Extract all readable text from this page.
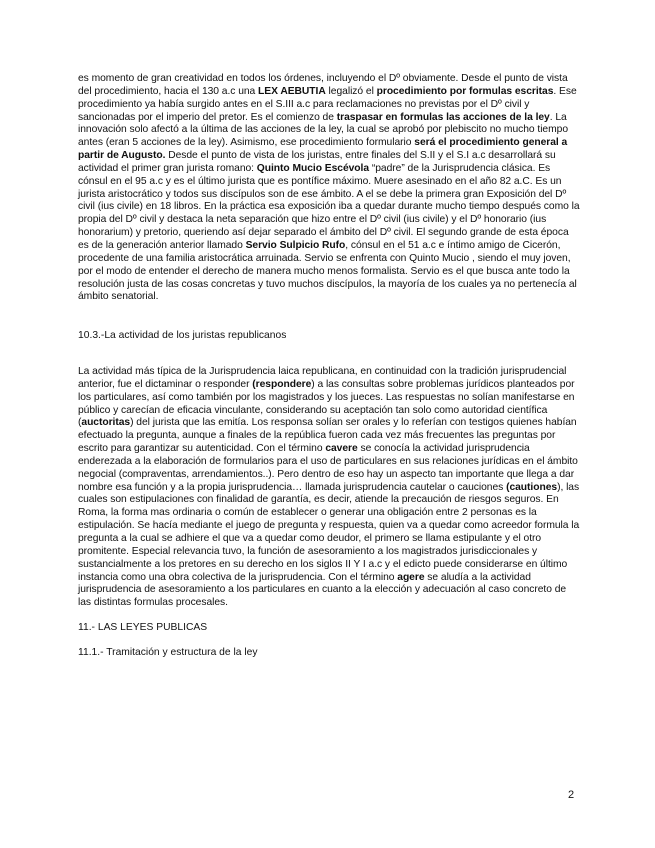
es momento de gran creatividad en todos los órdenes, incluyendo el Dº obviamente. Desde el punto de vista del procedimiento, hacia el 130 a.c una LEX AEBUTIA legalizó el procedimiento por formulas escritas. Ese procedimiento ya había surgido antes en el S.III a.c para reclamaciones no previstas por el Dº civil y sancionadas por el imperio del pretor. Es el comienzo de traspasar en formulas las acciones de la ley. La innovación solo afectó a la última de las acciones de la ley, la cual se aprobó por plebiscito no mucho tiempo antes (eran 5 acciones de la ley). Asimismo, ese procedimiento formulario será el procedimiento general a partir de Augusto. Desde el punto de vista de los juristas, entre finales del S.II y el S.I a.c desarrollará su actividad el primer gran jurista romano: Quinto Mucio Escévola “padre” de la Jurisprudencia clásica. Es cónsul en el 95 a.c y es el último jurista que es pontífice máximo. Muere asesinado en el año 82 a.C. Es un jurista aristocrático y todos sus discípulos son de ese ámbito. A el se debe la primera gran Exposición del Dº civil (ius civile) en 18 libros. En la práctica esa exposición iba a quedar durante mucho tiempo después como la propia del Dº civil y destaca la neta separación que hizo entre el Dº civil (ius civile) y el Dº honorario (ius honorarium) y pretorio, queriendo así dejar separado el ámbito del Dº civil. El segundo grande de esta época es de la generación anterior llamado Servio Sulpicio Rufo, cónsul en el 51 a.c e íntimo amigo de Cicerón, procedente de una familia aristocrática arruinada. Servio se enfrenta con Quinto Mucio , siendo el muy joven, por el modo de entender el derecho de manera mucho menos formalista. Servio es el que busca ante todo la resolución justa de las cosas concretas y tuvo muchos discípulos, la mayoría de los cuales ya no pertenecía al ámbito senatorial.

10.3.-La actividad de los juristas republicanos

La actividad más típica de la Jurisprudencia laica republicana, en continuidad con la tradición jurisprudencial anterior, fue el dictaminar o responder (respondere) a las consultas sobre problemas jurídicos planteados por los particulares, así como también por los magistrados y los jueces. Las respuestas no solían manifestarse en público y carecían de eficacia vinculante, considerando su aceptación tan solo como autoridad científica (auctoritas) del jurista que las emitía. Los responsa solían ser orales y lo referían con testigos quienes habían efectuado la pregunta, aunque a finales de la república fueron cada vez más frecuentes las preguntas por escrito para garantizar su autenticidad. Con el término cavere se conocía la actividad jurisprudencia enderezada a la elaboración de formularios para el uso de particulares en sus relaciones jurídicas en el ámbito negocial (compraventas, arrendamientos..). Pero dentro de eso hay un aspecto tan importante que llega a dar nombre esa función y a la propia jurisprudencia… llamada jurisprudencia cautelar o cauciones (cautiones), las cuales son estipulaciones con finalidad de garantía, es decir, atiende la precaución de riesgos seguros. En Roma, la forma mas ordinaria o común de establecer o generar una obligación entre 2 personas es la estipulación. Se hacía mediante el juego de pregunta y respuesta, quien va a quedar como acreedor formula la pregunta a la cual se adhiere el que va a quedar como deudor, el primero se llama estipulante y el otro promitente. Especial relevancia tuvo, la función de asesoramiento a los magistrados jurisdiccionales y sustancialmente a los pretores en su derecho en los siglos II Y I a.c y el edicto puede considerarse en último instancia como una obra colectiva de la jurisprudencia. Con el término agere se aludía a la actividad jurisprudencia de asesoramiento a los particulares en cuanto a la elección y adecuación al caso concreto de las distintas formulas procesales.

11.- LAS LEYES PUBLICAS

11.1.- Tramitación y estructura de la ley

2
